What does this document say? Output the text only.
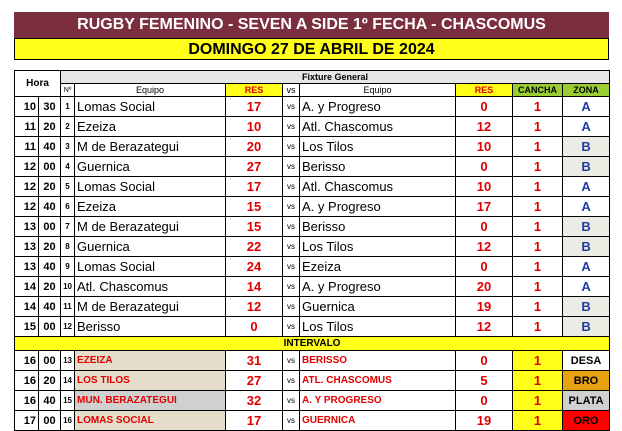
RUGBY FEMENINO - SEVEN A SIDE 1º FECHA - CHASCOMUS
DOMINGO 27 DE ABRIL DE 2024
Hora		Fixture General							
		Nº	Equipo	RES	vs	Equipo	RES	CANCHA	ZONA
10	30	1	Lomas Social	17	vs	A. y Progreso	0	1	A
11	20	2	Ezeiza	10	vs	Atl. Chascomus	12	1	A
11	40	3	M de Berazategui	20	vs	Los Tilos	10	1	B
12	00	4	Guernica	27	vs	Berisso	0	1	B
12	20	5	Lomas Social	17	vs	Atl. Chascomus	10	1	A
12	40	6	Ezeiza	15	vs	A. y Progreso	17	1	A
13	00	7	M de Berazategui	15	vs	Berisso	0	1	B
13	20	8	Guernica	22	vs	Los Tilos	12	1	B
13	40	9	Lomas Social	24	vs	Ezeiza	0	1	A
14	20	10	Atl. Chascomus	14	vs	A. y Progreso	20	1	A
14	40	11	M de Berazategui	12	vs	Guernica	19	1	B
15	00	12	Berisso	0	vs	Los Tilos	12	1	B
INTERVALO									
16	00	13	EZEIZA	31	vs	BERISSO	0	1	DESA
16	20	14	LOS TILOS	27	vs	ATL. CHASCOMUS	5	1	BRO
16	40	15	MUN. BERAZATEGUI	32	vs	A. Y PROGRESO	0	1	PLATA
17	00	16	LOMAS SOCIAL	17	vs	GUERNICA	19	1	ORO
